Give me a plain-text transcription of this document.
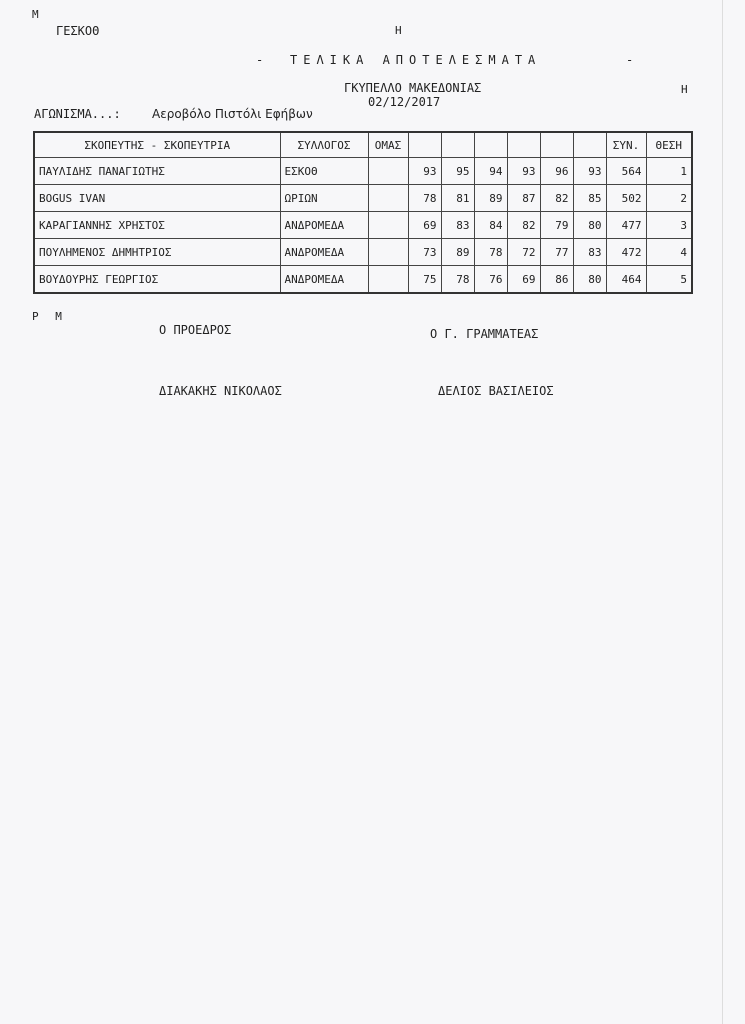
M
ΓΕΣΚΟΘ	Η
- ΤΕΛΙΚΑ ΑΠΟΤΕΛΕΣΜΑΤΑ	-
ΓΚΥΠΕΛΛΟ ΜΑΚΕΔΟΝΙΑΣ
02/12/2017
Η
ΑΓΩΝΙΣΜΑ...:	Αεροβόλο Πιστόλι Εφήβων
ΣΚΟΠΕΥΤΗΣ - ΣΚΟΠΕΥΤΡΙΑ	ΣΥΛΛΟΓΟΣ	ΟΜΑΣ							ΣΥΝ.	ΘΕΣΗ
ΠΑΥΛΙΔΗΣ ΠΑΝΑΓΙΩΤΗΣ	ΕΣΚΟΘ		93	95	94	93	96	93	564	1
BOGUS IVAN	ΩΡΙΩΝ		78	81	89	87	82	85	502	2
ΚΑΡΑΓΙΑΝΝΗΣ ΧΡΗΣΤΟΣ	ΑΝΔΡΟΜΕΔΑ		69	83	84	82	79	80	477	3
ΠΟΥΛΗΜΕΝΟΣ ΔΗΜΗΤΡΙΟΣ	ΑΝΔΡΟΜΕΔΑ		73	89	78	72	77	83	472	4
ΒΟΥΔΟΥΡΗΣ ΓΕΩΡΓΙΟΣ	ΑΝΔΡΟΜΕΔΑ		75	78	76	69	86	80	464	5
Ρ Μ
Ο ΠΡΟΕΔΡΟΣ	Ο Γ. ΓΡΑΜΜΑΤΕΑΣ
ΔΙΑΚΑΚΗΣ ΝΙΚΟΛΑΟΣ	ΔΕΛΙΟΣ ΒΑΣΙΛΕΙΟΣ
